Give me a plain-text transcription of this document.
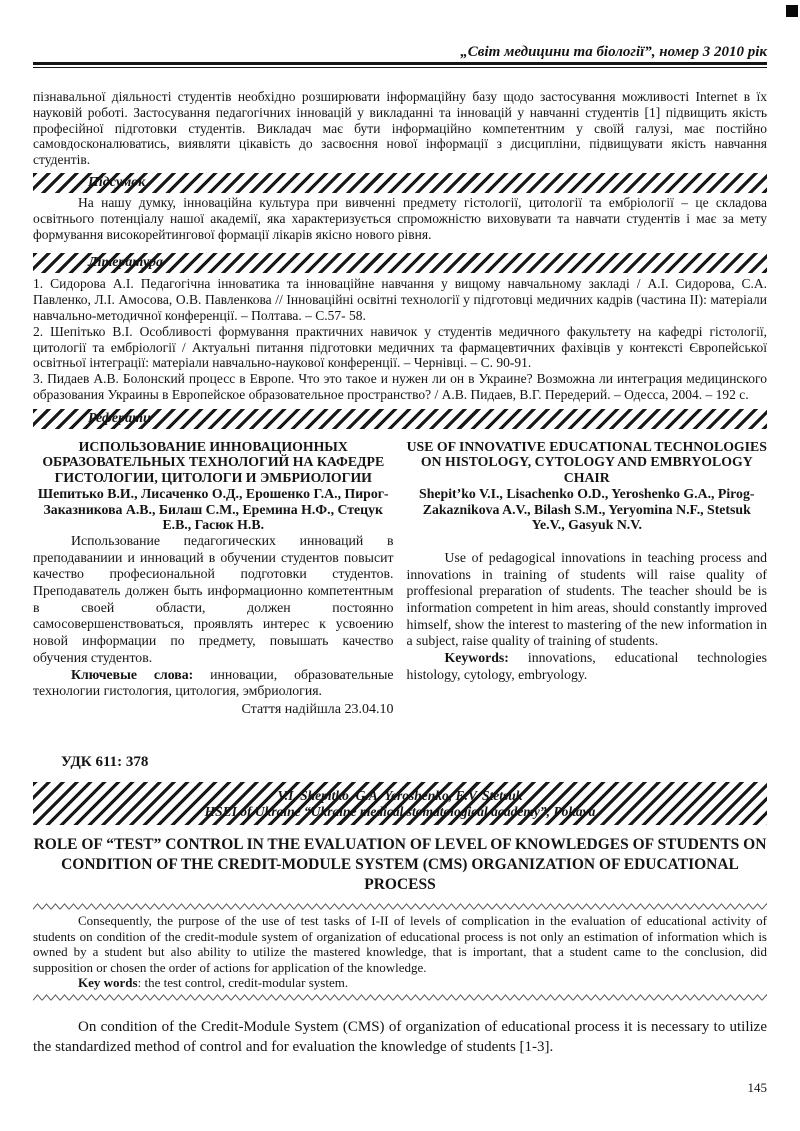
„Світ медицини та біології”, номер 3 2010 рік

пізнавальної діяльності студентів необхідно розширювати інформаційну базу щодо застосування можливості Internet в їх науковій роботі. Застосування педагогічних інновацій у викладанні та інновацій у навчанні студентів [1] підвищить якість професійної підготовки студентів. Викладач має бути інформаційно компетентним у своїй галузі, має постійно самовдосконалюватись, виявляти цікавість до засвоєння нової інформації з дисципліни, підвищувати якість навчання студентів.

Підсумок

На нашу думку, інноваційна культура при вивченні предмету гістології, цитології та ембріології – це складова освітнього потенціалу нашої академії, яка характеризується спроможністю виховувати та навчати студентів і має за мету формування високорейтингової формації лікарів якісно нового рівня.

Література

1. Сидорова А.І. Педагогічна інноватика та інноваційне навчання у вищому навчальному закладі / А.І. Сидорова, С.А. Павленко, Л.І. Амосова, О.В. Павленкова // Інноваційні освітні технології у підготовці медичних кадрів (частина ІІ): матеріали навчально-методичної конференції. – Полтава. – С.57- 58.

2. Шепітько В.І. Особливості формування практичних навичок у студентів медичного факультету на кафедрі гістології, цитології та ембріології / Актуальні питання підготовки медичних та фармацевтичних фахівців у контексті Європейської освітньої інтеграції: матеріали навчально-наукової конференції. – Чернівці. – С. 90-91.

3. Пидаев А.В. Болонский процесс в Европе. Что это такое и нужен ли он в Украине? Возможна ли интеграция медицинского образования Украины в Европейское образовательное пространство? / А.В. Пидаев, В.Г. Передерий. – Одесса, 2004. – 192 с.

Реферати
ИСПОЛЬЗОВАНИЕ ИННОВАЦИОННЫХ ОБРАЗОВАТЕЛЬНЫХ ТЕХНОЛОГИЙ НА КАФЕДРЕ ГИСТОЛОГИИ, ЦИТОЛОГИ И ЭМБРИОЛОГИИ
Шепитько В.И., Лисаченко О.Д., Ерошенко Г.А., Пирог-Заказникова А.В., Билаш С.М., Еремина Н.Ф., Стецук Е.В., Гасюк Н.В.

Использование педагогических инноваций в преподаваниии и инноваций в обучении студентов повысит качество професиональной подготовки студентов. Преподаватель должен быть информационно компетентным в своей области, должен постоянно самосовершенствоваться, проявлять интерес к усвоению новой информации по предмету, повышать качество обучения студентов.

Ключевые слова: инновации, образовательные технологии гистология, цитология, эмбриология.

Стаття надійшла 23.04.10
USE OF INNOVATIVE EDUCATIONAL TECHNOLOGIES ON HISTOLOGY, CYTOLOGY AND EMBRYOLOGY CHAIR
Shepit’ko V.I., Lisachenko O.D., Yeroshenko G.A., Pirog-Zakaznikova A.V., Bilash S.M., Yeryomina N.F., Stetsuk Ye.V., Gasyuk N.V.

Use of pedagogical innovations in teaching process and innovations in training of students will raise quality of proffesional preparation of students. The teacher should be is information competent in him areas, should constantly improved himself, show the interest to mastering of the new information in a subject, raise quality of training of students.

Keywords: innovations, educational technologies histology, cytology, embryology.

УДК 611: 378
V.I. Shepitko, G.A. Yeroshenko, E.V. Stetsuk
HSEI of Ukraine “Ukraine medical stomatological academy”, Poltava
ROLE OF “TEST” CONTROL IN THE EVALUATION OF LEVEL OF KNOWLEDGES OF STUDENTS ON CONDITION OF THE CREDIT-MODULE SYSTEM (CMS) ORGANIZATION OF EDUCATIONAL PROCESS

Consequently, the purpose of the use of test tasks of I-II of levels of complication in the evaluation of educational activity of students on condition of the credit-module system of organization of educational process is not only an estimation of information which is owned by a student but also ability to utilize the mastered knowledge, that is important, that a student came to the conclusion, did supposition or chosen the order of actions for application of the knowledge.

Key words: the test control, credit-modular system.

On condition of the Credit-Module System (CMS) of organization of educational process it is necessary to utilize the standardized method of control and for evaluation the knowledge of students [1-3].

145
